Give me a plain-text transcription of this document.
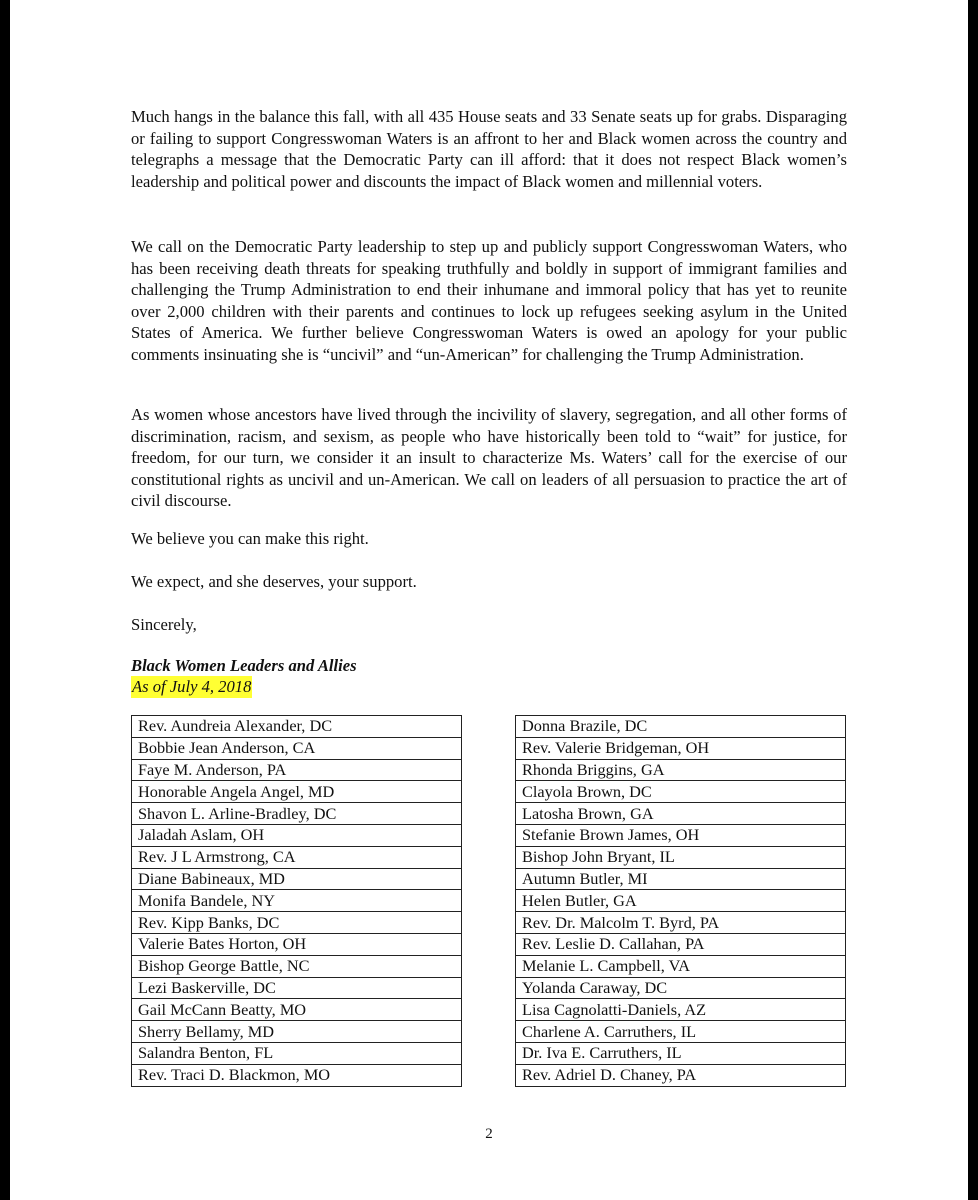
Much hangs in the balance this fall, with all 435 House seats and 33 Senate seats up for grabs. Disparaging or failing to support Congresswoman Waters is an affront to her and Black women across the country and telegraphs a message that the Democratic Party can ill afford: that it does not respect Black women’s leadership and political power and discounts the impact of Black women and millennial voters.

We call on the Democratic Party leadership to step up and publicly support Congresswoman Waters, who has been receiving death threats for speaking truthfully and boldly in support of immigrant families and challenging the Trump Administration to end their inhumane and immoral policy that has yet to reunite over 2,000 children with their parents and continues to lock up refugees seeking asylum in the United States of America. We further believe Congresswoman Waters is owed an apology for your public comments insinuating she is “uncivil” and “un-American” for challenging the Trump Administration.

As women whose ancestors have lived through the incivility of slavery, segregation, and all other forms of discrimination, racism, and sexism, as people who have historically been told to “wait” for justice, for freedom, for our turn, we consider it an insult to characterize Ms. Waters’ call for the exercise of our constitutional rights as uncivil and un-American. We call on leaders of all persuasion to practice the art of civil discourse.

We believe you can make this right.

We expect, and she deserves, your support.

Sincerely,

Black Women Leaders and Allies
As of July 4, 2018
Rev. Aundreia Alexander, DC
Bobbie Jean Anderson, CA
Faye M. Anderson, PA
Honorable Angela Angel, MD
Shavon L. Arline-Bradley, DC
Jaladah Aslam, OH
Rev. J L Armstrong, CA
Diane Babineaux, MD
Monifa Bandele, NY
Rev. Kipp Banks, DC
Valerie Bates Horton, OH
Bishop George Battle, NC
Lezi Baskerville, DC
Gail McCann Beatty, MO
Sherry Bellamy, MD
Salandra Benton, FL
Rev. Traci D. Blackmon, MO
Donna Brazile, DC
Rev. Valerie Bridgeman, OH
Rhonda Briggins, GA
Clayola Brown, DC
Latosha Brown, GA
Stefanie Brown James, OH
Bishop John Bryant, IL
Autumn Butler, MI
Helen Butler, GA
Rev. Dr. Malcolm T. Byrd, PA
Rev. Leslie D. Callahan, PA
Melanie L. Campbell, VA
Yolanda Caraway, DC
Lisa Cagnolatti-Daniels, AZ
Charlene A. Carruthers, IL
Dr. Iva E. Carruthers, IL
Rev. Adriel D. Chaney, PA
2
